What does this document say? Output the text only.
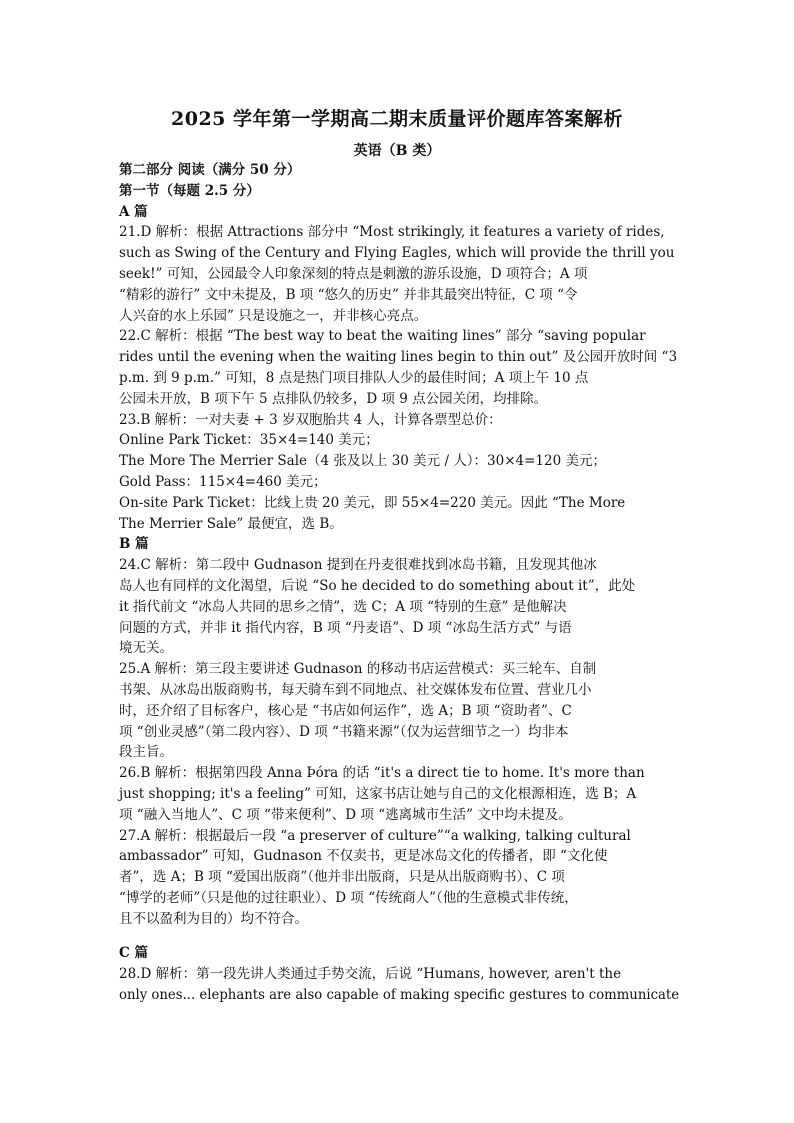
2025 学年第一学期高二期末质量评价题库答案解析
英语（B 类）
第二部分 阅读（满分 50 分）
第一节（每题 2.5 分）
A 篇
21.D 解析：根据 Attractions 部分中 “Most strikingly, it features a variety of rides,
such as Swing of the Century and Flying Eagles, which will provide the thrill you
seek!” 可知，公园最令人印象深刻的特点是刺激的游乐设施，D 项符合；A 项
“精彩的游行” 文中未提及，B 项 “悠久的历史” 并非其最突出特征，C 项 “令
人兴奋的水上乐园” 只是设施之一，并非核心亮点。
22.C 解析：根据 “The best way to beat the waiting lines” 部分 “saving popular
rides until the evening when the waiting lines begin to thin out” 及公园开放时间 “3
p.m. 到 9 p.m.” 可知，8 点是热门项目排队人少的最佳时间；A 项上午 10 点
公园未开放，B 项下午 5 点排队仍较多，D 项 9 点公园关闭，均排除。
23.B 解析：一对夫妻 + 3 岁双胞胎共 4 人，计算各票型总价：
Online Park Ticket：35×4=140 美元；
The More The Merrier Sale（4 张及以上 30 美元 / 人）：30×4=120 美元；
Gold Pass：115×4=460 美元；
On-site Park Ticket：比线上贵 20 美元，即 55×4=220 美元。因此 “The More
The Merrier Sale” 最便宜，选 B。
B 篇
24.C 解析：第二段中 Gudnason 提到在丹麦很难找到冰岛书籍，且发现其他冰
岛人也有同样的文化渴望，后说 “So he decided to do something about it”，此处
it 指代前文 “冰岛人共同的思乡之情”，选 C；A 项 “特别的生意” 是他解决
问题的方式，并非 it 指代内容，B 项 “丹麦语”、D 项 “冰岛生活方式” 与语
境无关。
25.A 解析：第三段主要讲述 Gudnason 的移动书店运营模式：买三轮车、自制
书架、从冰岛出版商购书，每天骑车到不同地点、社交媒体发布位置、营业几小
时，还介绍了目标客户，核心是 “书店如何运作”，选 A；B 项 “资助者”、C
项 “创业灵感”（第二段内容）、D 项 “书籍来源”（仅为运营细节之一）均非本
段主旨。
26.B 解析：根据第四段 Anna Þóra 的话 “it's a direct tie to home. It's more than
just shopping; it's a feeling” 可知，这家书店让她与自己的文化根源相连，选 B；A
项 “融入当地人”、C 项 “带来便利”、D 项 “逃离城市生活” 文中均未提及。
27.A 解析：根据最后一段 “a preserver of culture”“a walking, talking cultural
ambassador” 可知，Gudnason 不仅卖书，更是冰岛文化的传播者，即 “文化使
者”，选 A；B 项 “爱国出版商”（他并非出版商，只是从出版商购书）、C 项
“博学的老师”（只是他的过往职业）、D 项 “传统商人”（他的生意模式非传统，
且不以盈利为目的）均不符合。
C 篇
28.D 解析：第一段先讲人类通过手势交流，后说 “Humans, however, aren't the
only ones... elephants are also capable of making specific gestures to communicate
